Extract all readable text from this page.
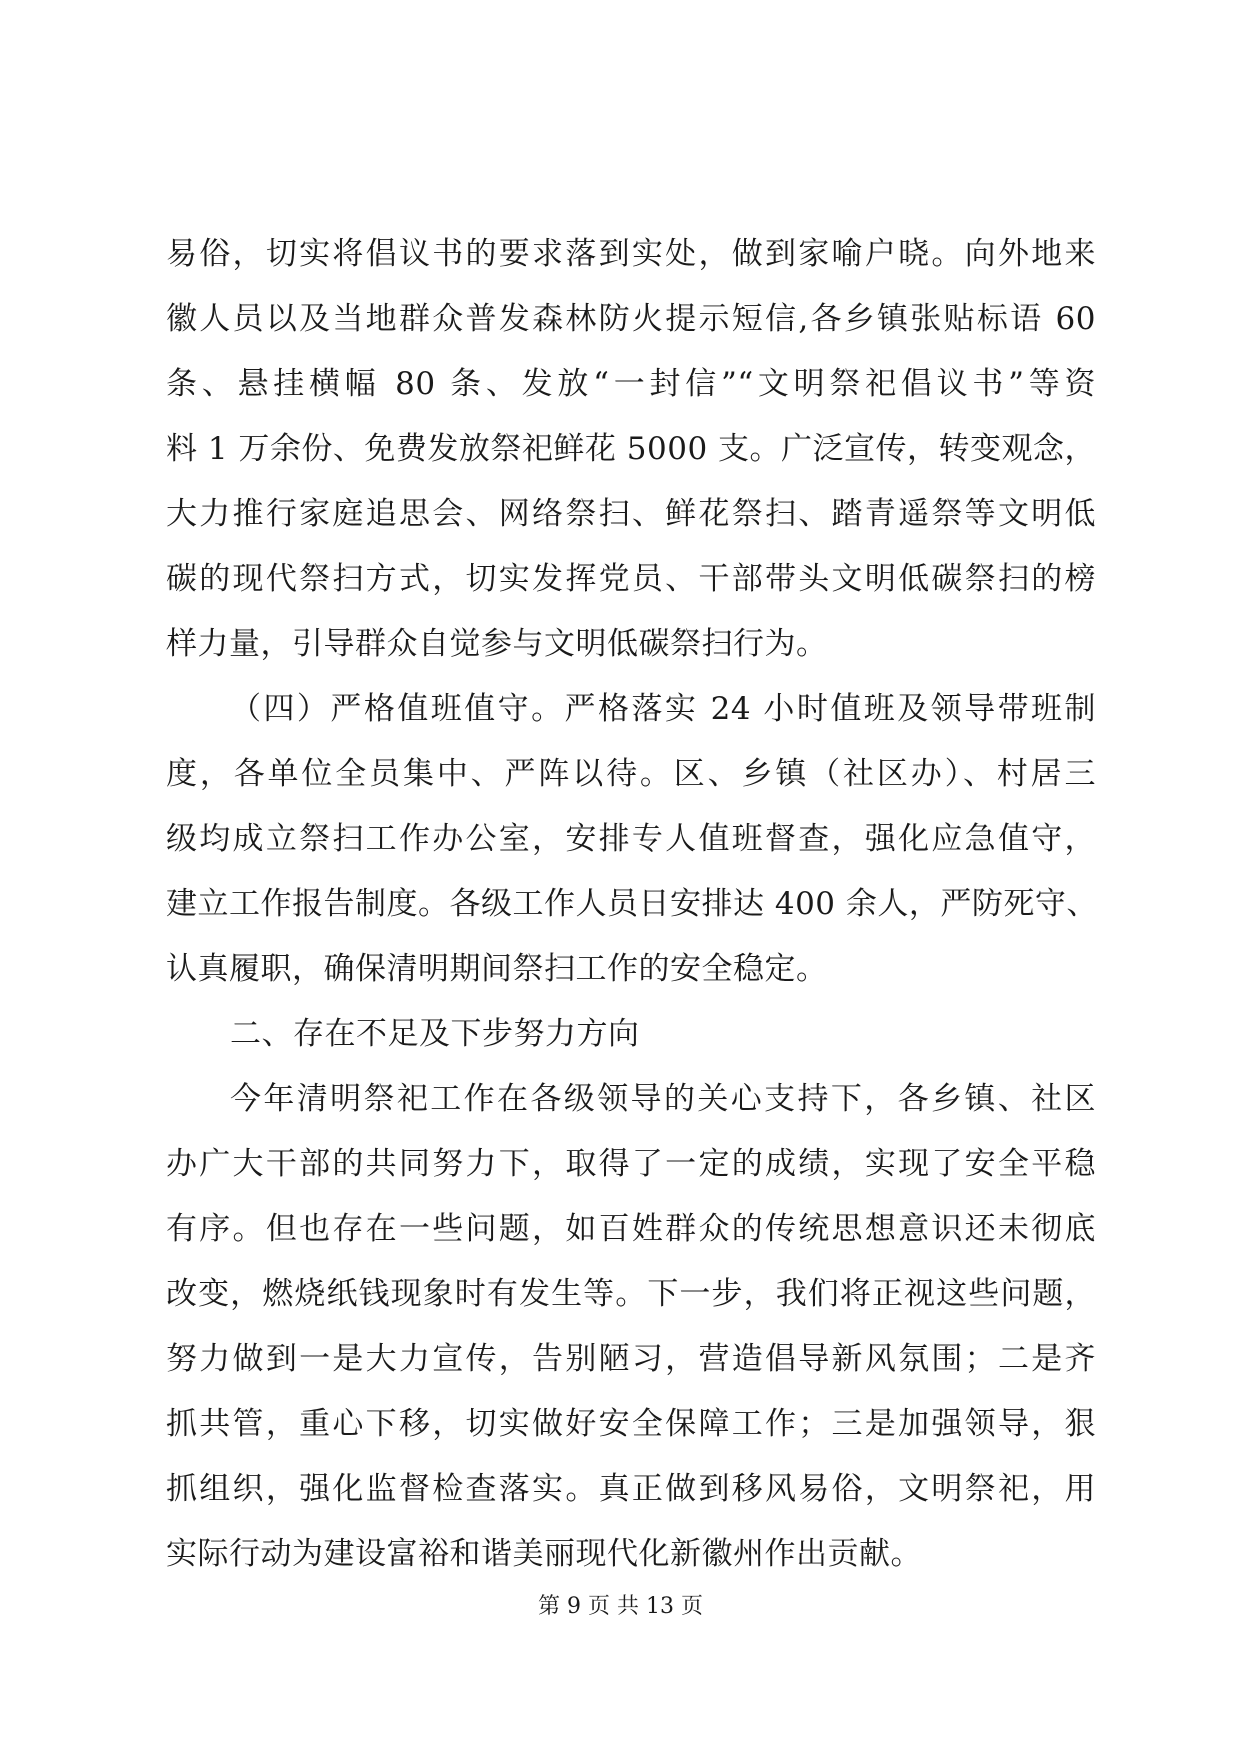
易俗，切实将倡议书的要求落到实处，做到家喻户晓。向外地来
徽人员以及当地群众普发森林防火提示短信,各乡镇张贴标语 60
条、悬挂横幅 80 条、发放“一封信”“文明祭祀倡议书”等资
料 1 万余份、免费发放祭祀鲜花 5000 支。广泛宣传，转变观念，
大力推行家庭追思会、网络祭扫、鲜花祭扫、踏青遥祭等文明低
碳的现代祭扫方式，切实发挥党员、干部带头文明低碳祭扫的榜
样力量，引导群众自觉参与文明低碳祭扫行为。
（四）严格值班值守。严格落实 24 小时值班及领导带班制
度，各单位全员集中、严阵以待。区、乡镇（社区办）、村居三
级均成立祭扫工作办公室，安排专人值班督查，强化应急值守，
建立工作报告制度。各级工作人员日安排达 400 余人，严防死守、
认真履职，确保清明期间祭扫工作的安全稳定。
二、存在不足及下步努力方向
今年清明祭祀工作在各级领导的关心支持下，各乡镇、社区
办广大干部的共同努力下，取得了一定的成绩，实现了安全平稳
有序。但也存在一些问题，如百姓群众的传统思想意识还未彻底
改变，燃烧纸钱现象时有发生等。下一步，我们将正视这些问题，
努力做到一是大力宣传，告别陋习，营造倡导新风氛围；二是齐
抓共管，重心下移，切实做好安全保障工作；三是加强领导，狠
抓组织，强化监督检查落实。真正做到移风易俗，文明祭祀，用
实际行动为建设富裕和谐美丽现代化新徽州作出贡献。
第 9 页 共 13 页
